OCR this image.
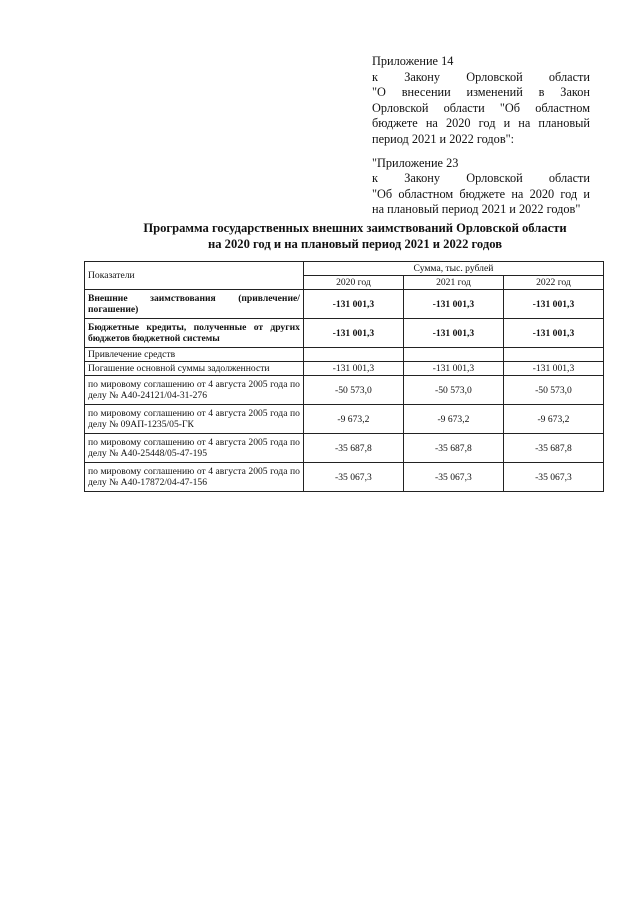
Приложение 14

к Закону Орловской области

"О внесении изменений в Закон

Орловской области "Об областном

бюджете на 2020 год и на плановый

период 2021 и 2022 годов":

"Приложение 23

к Закону Орловской области

"Об областном бюджете на 2020 год и

на плановый период 2021 и 2022 годов"

Программа государственных внешних заимствований Орловской области
на 2020 год и на плановый период 2021 и 2022 годов
Показатели	Сумма, тыс. рублей		
	2020 год	2021 год	2022 год
Внешние заимствования (привлечение/погашение)	-131 001,3	-131 001,3	-131 001,3
Бюджетные кредиты, полученные от других бюджетов бюджетной системы	-131 001,3	-131 001,3	-131 001,3
Привлечение средств			
Погашение основной суммы задолженности	-131 001,3	-131 001,3	-131 001,3
по мировому соглашению от 4 августа 2005 года по делу № А40-24121/04-31-276	-50 573,0	-50 573,0	-50 573,0
по мировому соглашению от 4 августа 2005 года по делу № 09АП-1235/05-ГК	-9 673,2	-9 673,2	-9 673,2
по мировому соглашению от 4 августа 2005 года по делу № А40-25448/05-47-195	-35 687,8	-35 687,8	-35 687,8
по мировому соглашению от 4 августа 2005 года по делу № А40-17872/04-47-156	-35 067,3	-35 067,3	-35 067,3
